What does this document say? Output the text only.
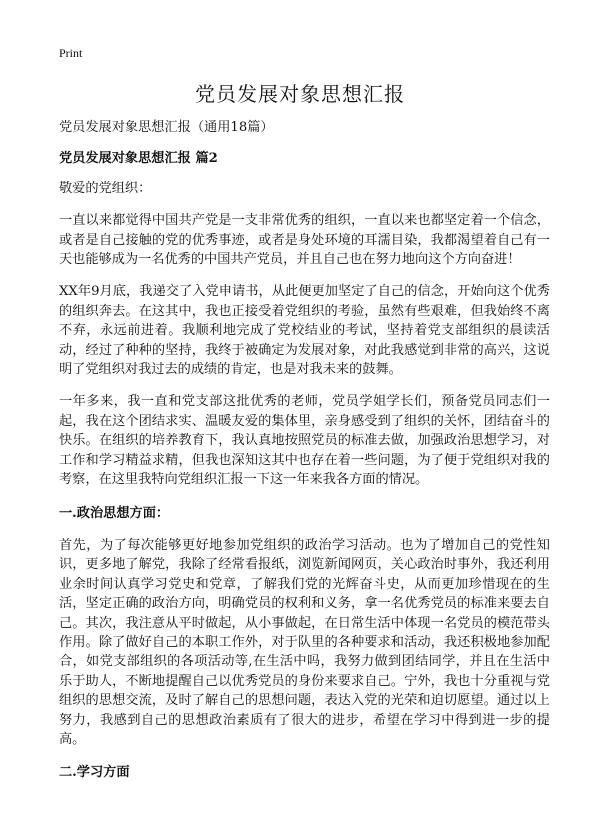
Print
党员发展对象思想汇报

党员发展对象思想汇报（通用18篇）

党员发展对象思想汇报 篇2

敬爱的党组织：

一直以来都觉得中国共产党是一支非常优秀的组织，一直以来也都坚定着一个信念，或者是自己接触的党的优秀事迹，或者是身处环境的耳濡目染，我都渴望着自己有一天也能够成为一名优秀的中国共产党员，并且自己也在努力地向这个方向奋进！

XX年9月底，我递交了入党申请书，从此便更加坚定了自己的信念，开始向这个优秀的组织奔去。在这其中，我也正接受着党组织的考验，虽然有些艰难，但我始终不离不弃，永远前进着。我顺利地完成了党校结业的考试，坚持着党支部组织的晨读活动，经过了种种的坚持，我终于被确定为发展对象，对此我感觉到非常的高兴，这说明了党组织对我过去的成绩的肯定，也是对我未来的鼓舞。

一年多来，我一直和党支部这批优秀的老师，党员学姐学长们，预备党员同志们一起，我在这个团结求实、温暖友爱的集体里，亲身感受到了组织的关怀，团结奋斗的快乐。在组织的培养教育下，我认真地按照党员的标准去做，加强政治思想学习，对工作和学习精益求精，但我也深知这其中也存在着一些问题，为了便于党组织对我的考察，在这里我特向党组织汇报一下这一年来我各方面的情况。

一.政治思想方面：

首先，为了每次能够更好地参加党组织的政治学习活动。也为了增加自己的党性知识，更多地了解党，我除了经常看报纸，浏览新闻网页，关心政治时事外，我还利用业余时间认真学习党史和党章，了解我们党的光辉奋斗史，从而更加珍惜现在的生活，坚定正确的政治方向，明确党员的权利和义务，拿一名优秀党员的标准来要去自己。其次，我注意从平时做起，从小事做起，在日常生活中体现一名党员的模范带头作用。除了做好自己的本职工作外，对于队里的各种要求和活动，我还积极地参加配合，如党支部组织的各项活动等,在生活中吗，我努力做到团结同学，并且在生活中乐于助人，不断地提醒自己以优秀党员的身份来要求自己。宁外，我也十分重视与党组织的思想交流，及时了解自己的思想问题，表达入党的光荣和迫切愿望。通过以上努力，我感到自己的思想政治素质有了很大的进步，希望在学习中得到进一步的提高。

二.学习方面
